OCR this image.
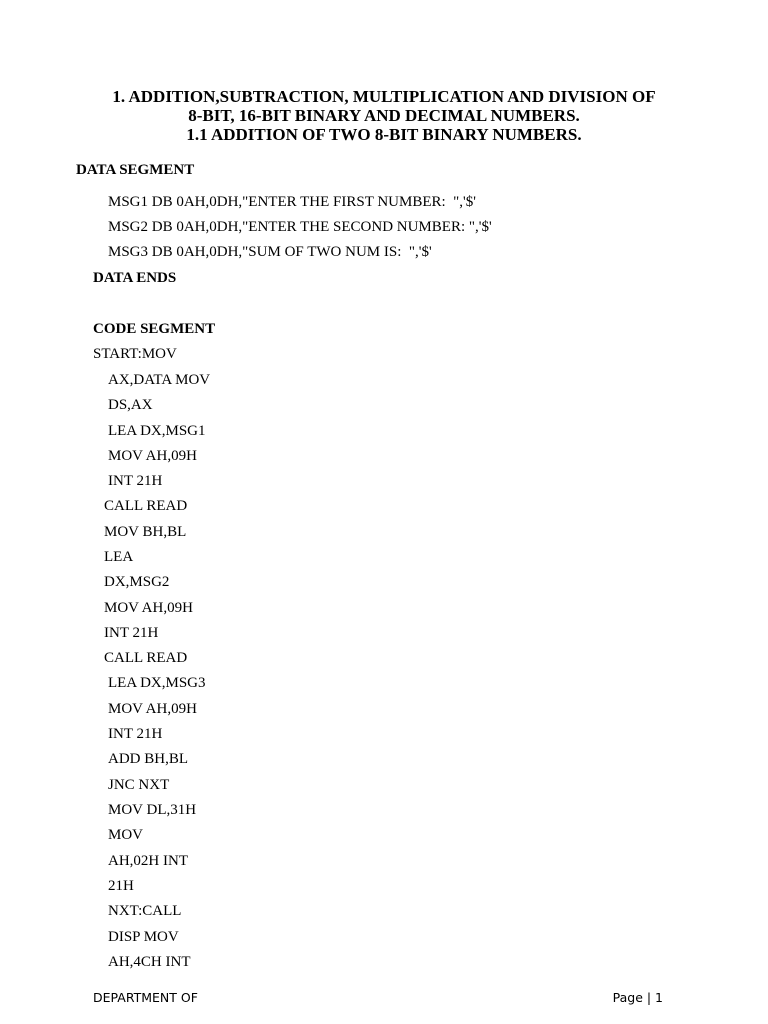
1. ADDITION,SUBTRACTION, MULTIPLICATION AND DIVISION OF
8-BIT, 16-BIT BINARY AND DECIMAL NUMBERS.
1.1 ADDITION OF TWO 8-BIT BINARY NUMBERS.
DATA SEGMENT
MSG1 DB 0AH,0DH,"ENTER THE FIRST NUMBER:  ",'$'
MSG2 DB 0AH,0DH,"ENTER THE SECOND NUMBER: ",'$'
MSG3 DB 0AH,0DH,"SUM OF TWO NUM IS:  ",'$'
DATA ENDS
CODE SEGMENT
START:MOV
AX,DATA MOV
DS,AX
LEA DX,MSG1
MOV AH,09H
INT 21H
CALL READ
MOV BH,BL
LEA
DX,MSG2
MOV AH,09H
INT 21H
CALL READ
LEA DX,MSG3
MOV AH,09H
INT 21H
ADD BH,BL
JNC NXT
MOV DL,31H
MOV
AH,02H INT
21H
NXT:CALL
DISP MOV
AH,4CH INT
DEPARTMENT OF	Page | 1
